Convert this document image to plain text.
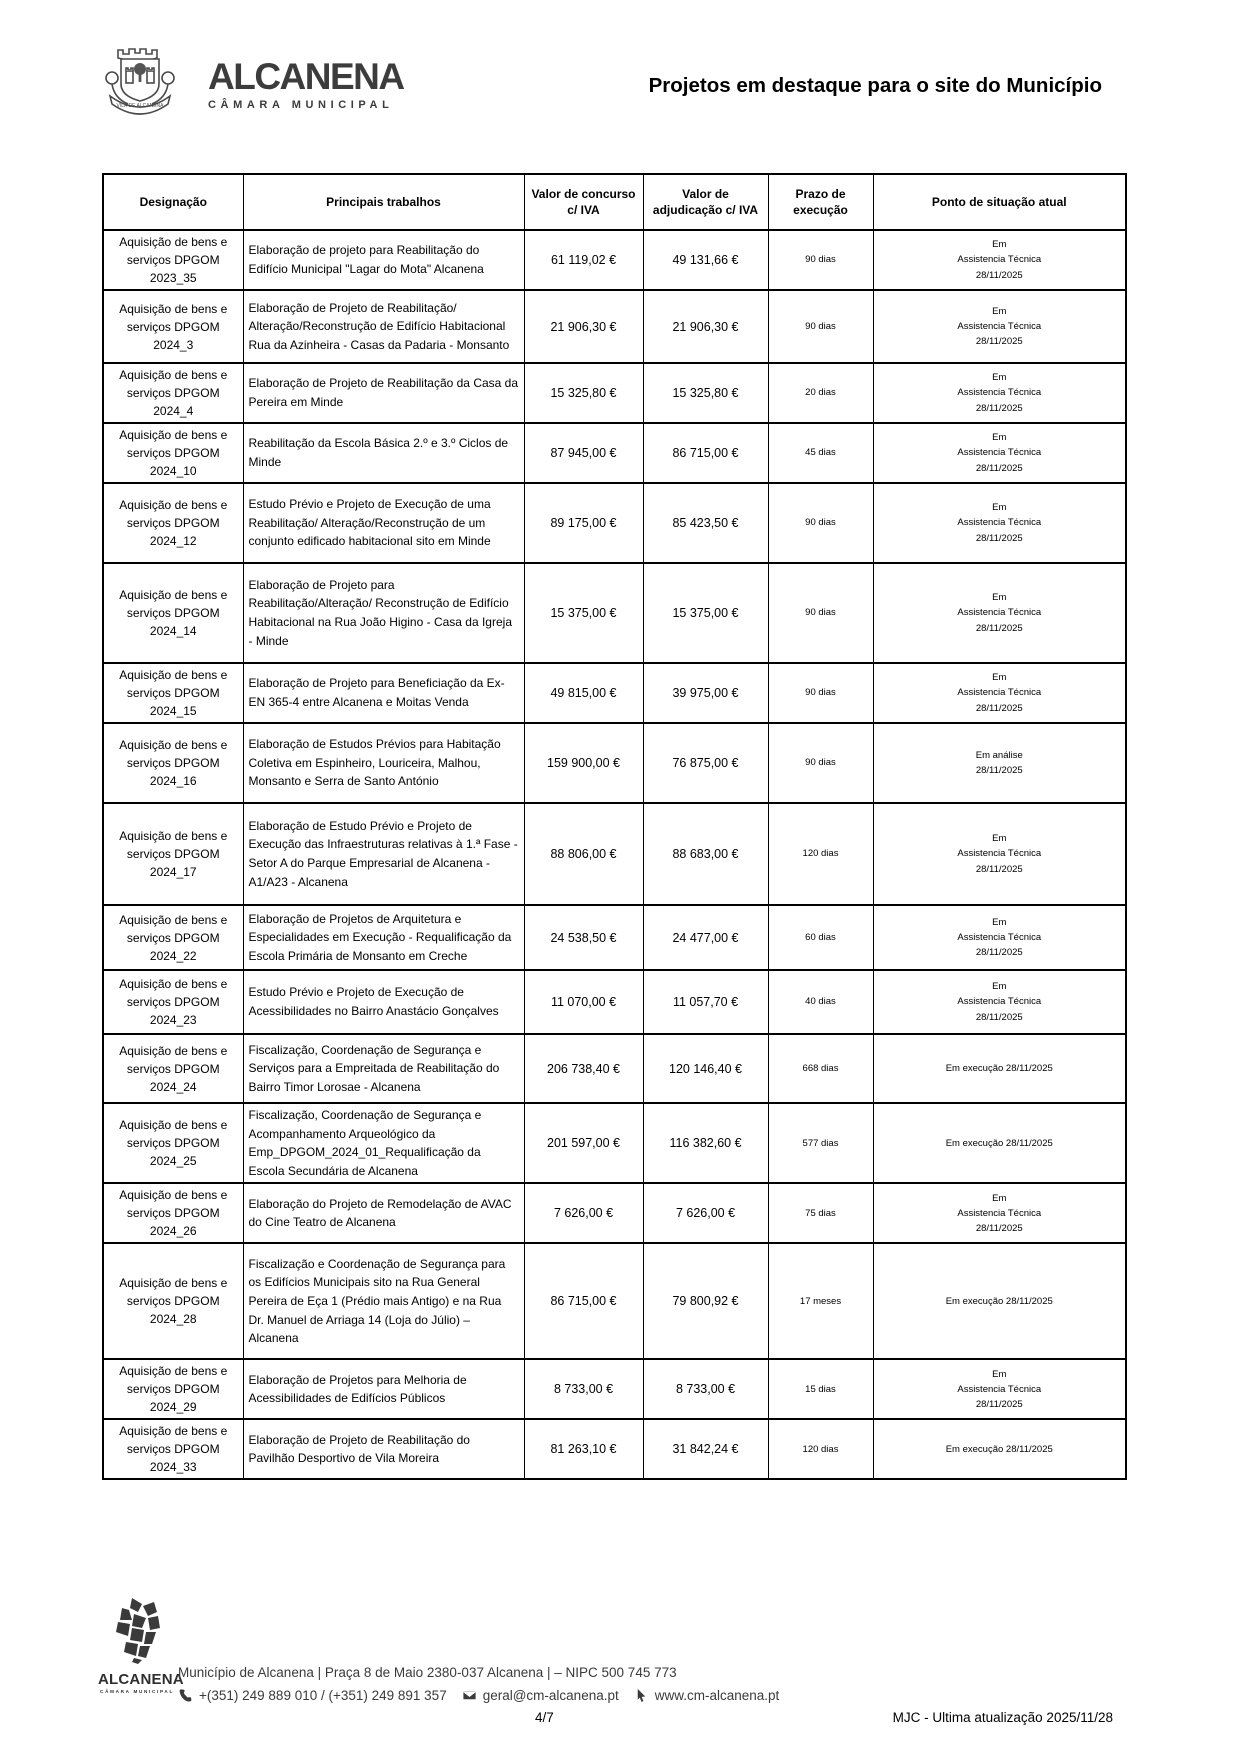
VILA DE ALCANENA
ALCANENA
CÂMARA MUNICIPAL
Projetos em destaque para o site do Município
Designação	Principais trabalhos	Valor de concurso c/ IVA	Valor de adjudicação c/ IVA	Prazo de execução	Ponto de situação atual
Aquisição de bens e serviços DPGOM 2023_35	Elaboração de projeto para Reabilitação do Edifício Municipal "Lagar do Mota" Alcanena	61 119,02 €	49 131,66 €	90 dias	Em
Assistencia Técnica
28/11/2025

Aquisição de bens e serviços DPGOM 2024_3	Elaboração de Projeto de Reabilitação/ Alteração/Reconstrução de Edifício Habitacional Rua da Azinheira - Casas da Padaria - Monsanto	21 906,30 €	21 906,30 €	90 dias	Em
Assistencia Técnica
28/11/2025

Aquisição de bens e serviços DPGOM 2024_4	Elaboração de Projeto de Reabilitação da Casa da Pereira em Minde	15 325,80 €	15 325,80 €	20 dias	Em
Assistencia Técnica
28/11/2025

Aquisição de bens e serviços DPGOM 2024_10	Reabilitação da Escola Básica 2.º e 3.º Ciclos de Minde	87 945,00 €	86 715,00 €	45 dias	Em
Assistencia Técnica
28/11/2025

Aquisição de bens e serviços DPGOM 2024_12	Estudo Prévio e Projeto de Execução de uma Reabilitação/ Alteração/Reconstrução de um conjunto edificado habitacional sito em Minde	89 175,00 €	85 423,50 €	90 dias	Em
Assistencia Técnica
28/11/2025

Aquisição de bens e serviços DPGOM 2024_14	Elaboração de Projeto para Reabilitação/Alteração/ Reconstrução de Edifício Habitacional na Rua João Higino - Casa da Igreja - Minde	15 375,00 €	15 375,00 €	90 dias	Em
Assistencia Técnica
28/11/2025

Aquisição de bens e serviços DPGOM 2024_15	Elaboração de Projeto para Beneficiação da Ex-EN 365-4 entre Alcanena e Moitas Venda	49 815,00 €	39 975,00 €	90 dias	Em
Assistencia Técnica
28/11/2025

Aquisição de bens e serviços DPGOM 2024_16	Elaboração de Estudos Prévios para Habitação Coletiva em Espinheiro, Louriceira, Malhou, Monsanto e Serra de Santo António	159 900,00 €	76 875,00 €	90 dias	Em análise
28/11/2025

Aquisição de bens e serviços DPGOM 2024_17	Elaboração de Estudo Prévio e Projeto de Execução das Infraestruturas relativas à 1.ª Fase - Setor A do Parque Empresarial de Alcanena - A1/A23 - Alcanena	88 806,00 €	88 683,00 €	120 dias	Em
Assistencia Técnica
28/11/2025

Aquisição de bens e serviços DPGOM 2024_22	Elaboração de Projetos de Arquitetura e Especialidades em Execução - Requalificação da Escola Primária de Monsanto em Creche	24 538,50 €	24 477,00 €	60 dias	Em
Assistencia Técnica
28/11/2025

Aquisição de bens e serviços DPGOM 2024_23	Estudo Prévio e Projeto de Execução de Acessibilidades no Bairro Anastácio Gonçalves	11 070,00 €	11 057,70 €	40 dias	Em
Assistencia Técnica
28/11/2025

Aquisição de bens e serviços DPGOM 2024_24	Fiscalização, Coordenação de Segurança e Serviços para a Empreitada de Reabilitação do Bairro Timor Lorosae - Alcanena	206 738,40 €	120 146,40 €	668 dias	Em execução 28/11/2025

Aquisição de bens e serviços DPGOM 2024_25	Fiscalização, Coordenação de Segurança e Acompanhamento Arqueológico da Emp_DPGOM_2024_01_Requalificação da Escola Secundária de Alcanena	201 597,00 €	116 382,60 €	577 dias	Em execução 28/11/2025

Aquisição de bens e serviços DPGOM 2024_26	Elaboração do Projeto de Remodelação de AVAC do Cine Teatro de Alcanena	7 626,00 €	7 626,00 €	75 dias	Em
Assistencia Técnica
28/11/2025

Aquisição de bens e serviços DPGOM 2024_28	Fiscalização e Coordenação de Segurança para os Edifícios Municipais sito na Rua General Pereira de Eça 1 (Prédio mais Antigo) e na Rua Dr. Manuel de Arriaga 14 (Loja do Júlio) – Alcanena	86 715,00 €	79 800,92 €	17 meses	Em execução 28/11/2025

Aquisição de bens e serviços DPGOM 2024_29	Elaboração de Projetos para Melhoria de Acessibilidades de Edifícios Públicos	8 733,00 €	8 733,00 €	15 dias	Em
Assistencia Técnica
28/11/2025

Aquisição de bens e serviços DPGOM 2024_33	Elaboração de Projeto de Reabilitação do Pavilhão Desportivo de Vila Moreira	81 263,10 €	31 842,24 €	120 dias	Em execução 28/11/2025
ALCANENA
CÂMARA MUNICIPAL
Município de Alcanena | Praça 8 de Maio 2380-037 Alcanena | – NIPC 500 745 773
+(351) 249 889 010 / (+351) 249 891 357	geral@cm-alcanena.pt	www.cm-alcanena.pt
4/7	MJC - Ultima atualização 2025/11/28
